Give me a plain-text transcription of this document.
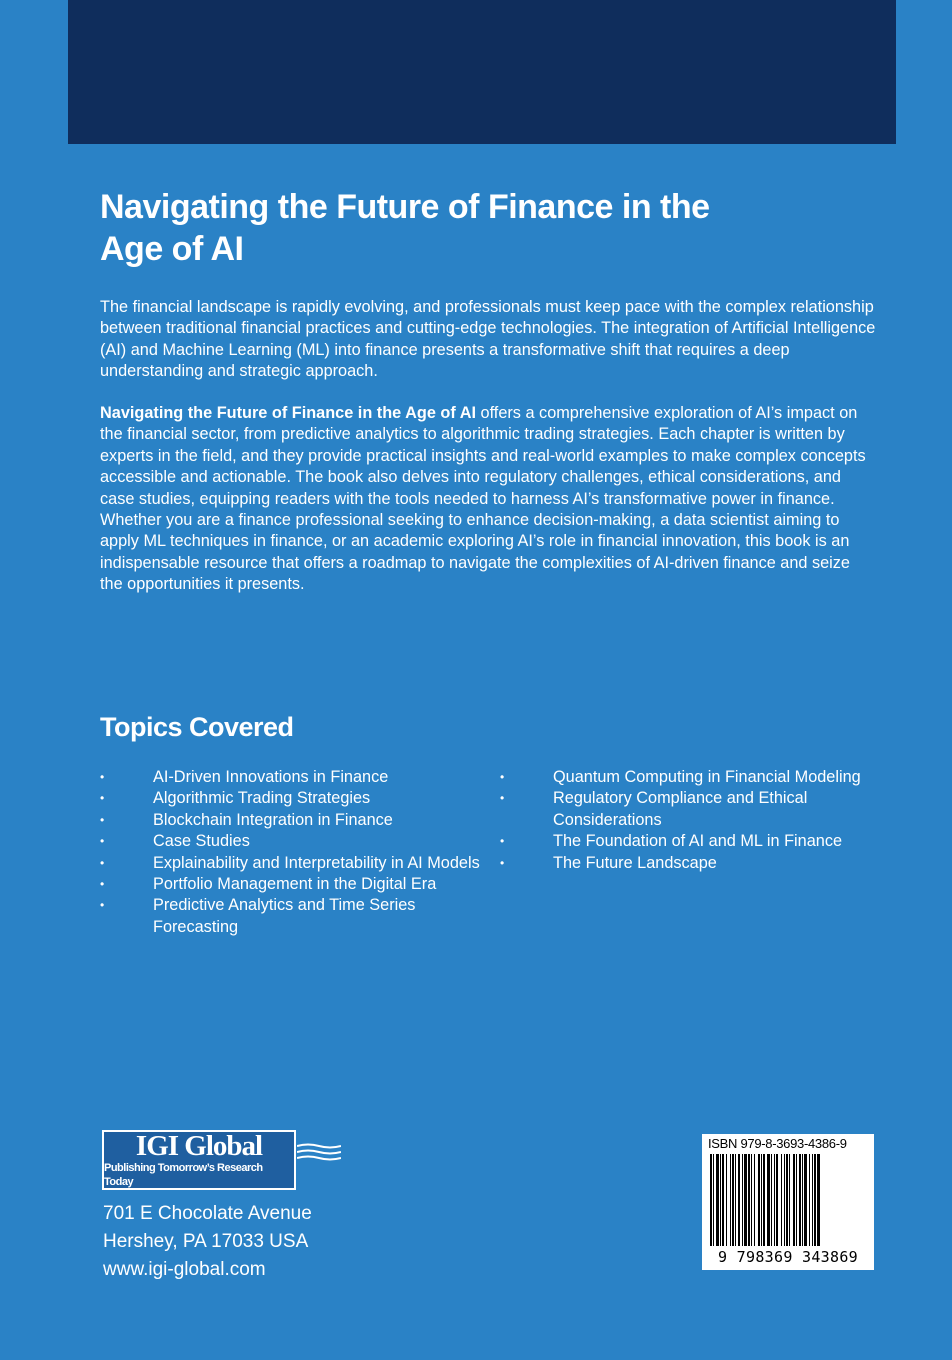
Navigating the Future of Finance in the
Age of AI

The financial landscape is rapidly evolving, and professionals must keep pace with the complex relationship between traditional financial practices and cutting-edge technologies. The integration of Artificial Intelligence (AI) and Machine Learning (ML) into finance presents a transformative shift that requires a deep understanding and strategic approach.

Navigating the Future of Finance in the Age of AI offers a comprehensive exploration of AI’s impact on the financial sector, from predictive analytics to algorithmic trading strategies. Each chapter is written by experts in the field, and they provide practical insights and real-world examples to make complex concepts accessible and actionable. The book also delves into regulatory challenges, ethical considerations, and case studies, equipping readers with the tools needed to harness AI’s transformative power in finance. Whether you are a finance professional seeking to enhance decision-making, a data scientist aiming to apply ML techniques in finance, or an academic exploring AI’s role in financial innovation, this book is an indispensable resource that offers a roadmap to navigate the complexities of AI-driven finance and seize the opportunities it presents.

Topics Covered
•	AI-Driven Innovations in Finance
•	Algorithmic Trading Strategies
•	Blockchain Integration in Finance
•	Case Studies
•	Explainability and Interpretability in AI Models
•	Portfolio Management in the Digital Era
•	Predictive Analytics and Time Series Forecasting
•	Quantum Computing in Financial Modeling
•	Regulatory Compliance and Ethical Considerations
•	The Foundation of AI and ML in Finance
•	The Future Landscape
IGI Global
Publishing Tomorrow’s Research Today
701 E Chocolate Avenue
Hershey, PA 17033 USA
www.igi-global.com
ISBN 979-8-3693-4386-9
9 798369 343869
